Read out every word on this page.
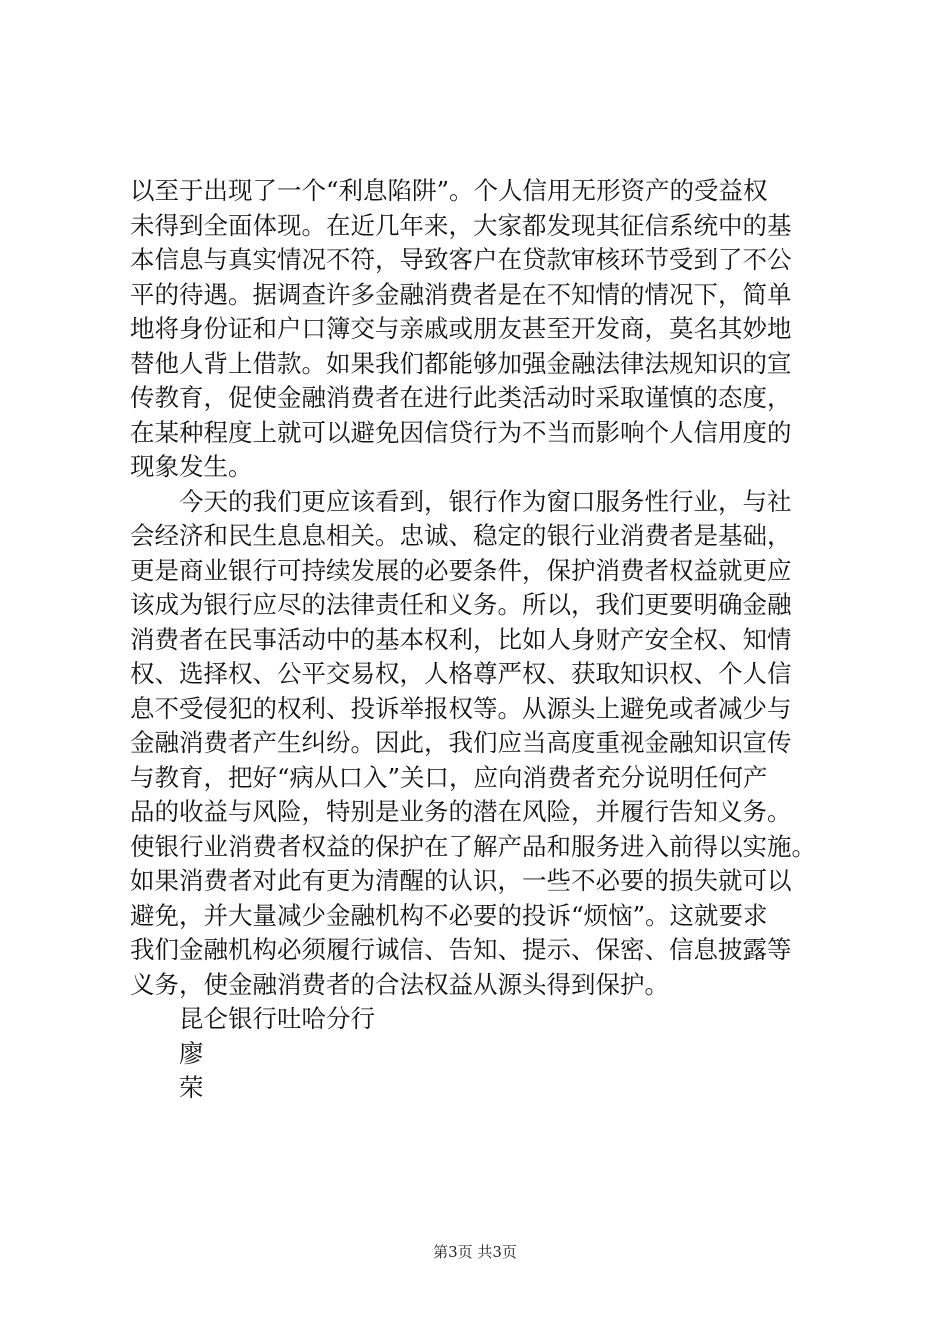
以至于出现了一个“利息陷阱”。个人信用无形资产的受益权
未得到全面体现。在近几年来，大家都发现其征信系统中的基
本信息与真实情况不符，导致客户在贷款审核环节受到了不公
平的待遇。据调查许多金融消费者是在不知情的情况下，简单
地将身份证和户口簿交与亲戚或朋友甚至开发商，莫名其妙地
替他人背上借款。如果我们都能够加强金融法律法规知识的宣
传教育，促使金融消费者在进行此类活动时采取谨慎的态度，
在某种程度上就可以避免因信贷行为不当而影响个人信用度的
现象发生。
今天的我们更应该看到，银行作为窗口服务性行业，与社
会经济和民生息息相关。忠诚、稳定的银行业消费者是基础，
更是商业银行可持续发展的必要条件，保护消费者权益就更应
该成为银行应尽的法律责任和义务。所以，我们更要明确金融
消费者在民事活动中的基本权利，比如人身财产安全权、知情
权、选择权、公平交易权，人格尊严权、获取知识权、个人信
息不受侵犯的权利、投诉举报权等。从源头上避免或者减少与
金融消费者产生纠纷。因此，我们应当高度重视金融知识宣传
与教育，把好“病从口入”关口，应向消费者充分说明任何产
品的收益与风险，特别是业务的潜在风险，并履行告知义务。
使银行业消费者权益的保护在了解产品和服务进入前得以实施。
如果消费者对此有更为清醒的认识，一些不必要的损失就可以
避免，并大量减少金融机构不必要的投诉“烦恼”。这就要求
我们金融机构必须履行诚信、告知、提示、保密、信息披露等
义务，使金融消费者的合法权益从源头得到保护。
昆仑银行吐哈分行
廖
荣
第3页 共3页
